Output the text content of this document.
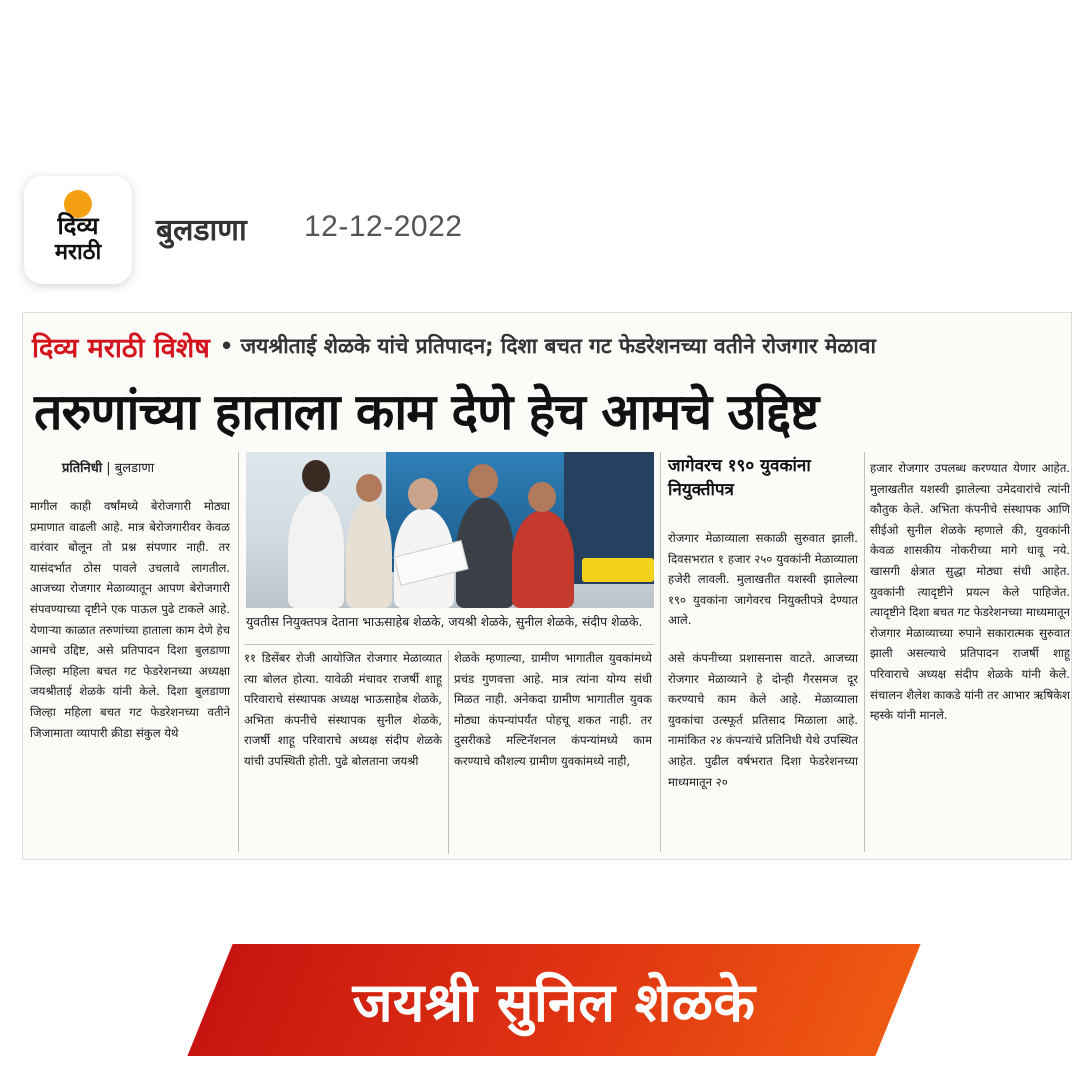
दिव्य
मराठी
बुलडाणा 12-12-2022
दिव्य मराठी विशेष • जयश्रीताई शेळके यांचे प्रतिपादन; दिशा बचत गट फेडरेशनच्या वतीने रोजगार मेळावा
तरुणांच्या हाताला काम देणे हेच आमचे उद्दिष्ट
प्रतिनिधी | बुलडाणा
मागील काही वर्षांमध्ये बेरोजगारी मोठ्या प्रमाणात वाढली आहे. मात्र बेरोजगारीवर केवळ वारंवार बोलून तो प्रश्न संपणार नाही. तर यासंदर्भात ठोस पावले उचलावे लागतील. आजच्या रोजगार मेळाव्यातून आपण बेरोजगारी संपवण्याच्या दृष्टीने एक पाऊल पुढे टाकले आहे. येणाऱ्या काळात तरुणांच्या हाताला काम देणे हेच आमचे उद्दिष्ट, असे प्रतिपादन दिशा बुलडाणा जिल्हा महिला बचत गट फेडरेशनच्या अध्यक्षा जयश्रीताई शेळके यांनी केले. दिशा बुलडाणा जिल्हा महिला बचत गट फेडरेशनच्या वतीने जिजामाता व्यापारी क्रीडा संकुल येथे
युवतीस नियुक्तपत्र देताना भाऊसाहेब शेळके, जयश्री शेळके, सुनील शेळके, संदीप शेळके.
११ डिसेंबर रोजी आयोजित रोजगार मेळाव्यात त्या बोलत होत्या. यावेळी मंचावर राजर्षी शाहू परिवाराचे संस्थापक अध्यक्ष भाऊसाहेब शेळके, अभिता कंपनीचे संस्थापक सुनील शेळके, राजर्षी शाहू परिवाराचे अध्यक्ष संदीप शेळके यांची उपस्थिती होती. पुढे बोलताना जयश्री
शेळके म्हणाल्या, ग्रामीण भागातील युवकांमध्ये प्रचंड गुणवत्ता आहे. मात्र त्यांना योग्य संधी मिळत नाही. अनेकदा ग्रामीण भागातील युवक मोठ्या कंपन्यांपर्यंत पोहचू शकत नाही. तर दुसरीकडे मल्टिनॅशनल कंपन्यांमध्ये काम करण्याचे कौशल्य ग्रामीण युवकांमध्ये नाही,
जागेवरच १९० युवकांना नियुक्तीपत्र
रोजगार मेळाव्याला सकाळी सुरुवात झाली. दिवसभरात १ हजार २५० युवकांनी मेळाव्याला हजेरी लावली. मुलाखतीत यशस्वी झालेल्या १९० युवकांना जागेवरच नियुक्तीपत्रे देण्यात आले.
असे कंपनीच्या प्रशासनास वाटते. आजच्या रोजगार मेळाव्याने हे दोन्ही गैरसमज दूर करण्याचे काम केले आहे. मेळाव्याला युवकांचा उत्स्फूर्त प्रतिसाद मिळाला आहे. नामांकित २४ कंपन्यांचे प्रतिनिधी येथे उपस्थित आहेत. पुढील वर्षभरात दिशा फेडरेशनच्या माध्यमातून २०
हजार रोजगार उपलब्ध करण्यात येणार आहेत. मुलाखतीत यशस्वी झालेल्या उमेदवारांचे त्यांनी कौतुक केले. अभिता कंपनीचे संस्थापक आणि सीईओ सुनील शेळके म्हणाले की, युवकांनी केवळ शासकीय नोकरीच्या मागे धावू नये. खासगी क्षेत्रात सुद्धा मोठ्या संधी आहेत. युवकांनी त्यादृष्टीने प्रयत्न केले पाहिजेत. त्यादृष्टीने दिशा बचत गट फेडरेशनच्या माध्यमातून रोजगार मेळाव्याच्या रुपाने सकारात्मक सुरुवात झाली असल्याचे प्रतिपादन राजर्षी शाहू परिवाराचे अध्यक्ष संदीप शेळके यांनी केले. संचालन शैलेश काकडे यांनी तर आभार ऋषिकेश म्हस्के यांनी मानले.
जयश्री सुनिल शेळके
